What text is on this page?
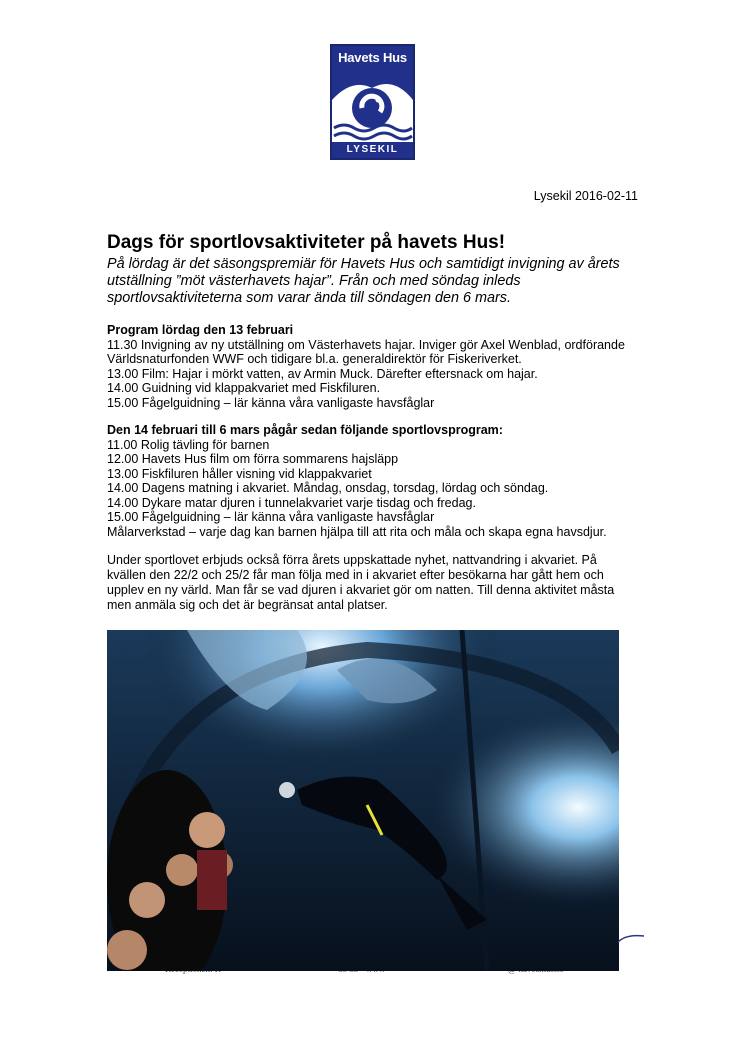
Havets Hus
LYSEKIL
Lysekil 2016-02-11
Dags för sportlovsaktiviteter på havets Hus!
På lördag är det säsongspremiär för Havets Hus och samtidigt invigning av årets utställning ”möt västerhavets hajar”. Från och med söndag inleds sportlovsaktiviteterna som varar ända till söndagen den 6 mars.
Program lördag den 13 februari
11.30 Invigning av ny utställning om Västerhavets hajar. Inviger gör Axel Wenblad, ordförande
Världsnaturfonden WWF och tidigare bl.a. generaldirektör för Fiskeriverket.
13.00 Film: Hajar i mörkt vatten, av Armin Muck. Därefter eftersnack om hajar.
14.00 Guidning vid klappakvariet med Fiskfiluren.
15.00 Fågelguidning – lär känna våra vanligaste havsfåglar
Den 14 februari till 6 mars pågår sedan följande sportlovsprogram:
11.00 Rolig tävling för barnen
12.00 Havets Hus film om förra sommarens hajsläpp
13.00 Fiskfiluren håller visning vid klappakvariet
14.00 Dagens matning i akvariet. Måndag, onsdag, torsdag, lördag och söndag.
14.00 Dykare matar djuren i tunnelakvariet varje tisdag och fredag.
15.00 Fågelguidning – lär känna våra vanligaste havsfåglar
Målarverkstad – varje dag kan barnen hjälpa till att rita och måla och skapa egna havsdjur.
Under sportlovet erbjuds också förra årets uppskattade nyhet, nattvandring i akvariet. På kvällen den 22/2 och 25/2 får man följa med in i akvariet efter besökarna har gått hem och upplev en ny värld. Man får se vad djuren i akvariet gör om natten. Till denna aktivitet måsta men anmäla sig och det är begränsat antal platser.
